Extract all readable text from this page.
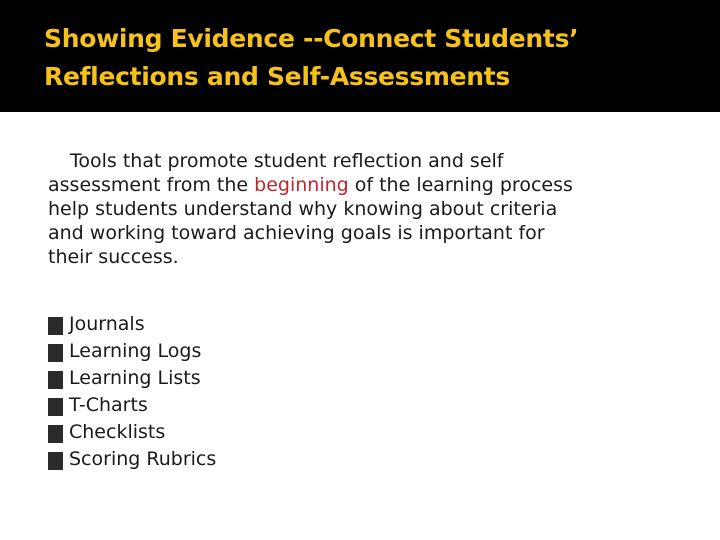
Showing Evidence --Connect Students’
Reflections and Self-Assessments

Tools that promote student reflection and self
assessment from the beginning of the learning process
help students understand why knowing about criteria
and working toward achieving goals is important for
their success.

Journals
Learning Logs
Learning Lists
T-Charts
Checklists
Scoring Rubrics
